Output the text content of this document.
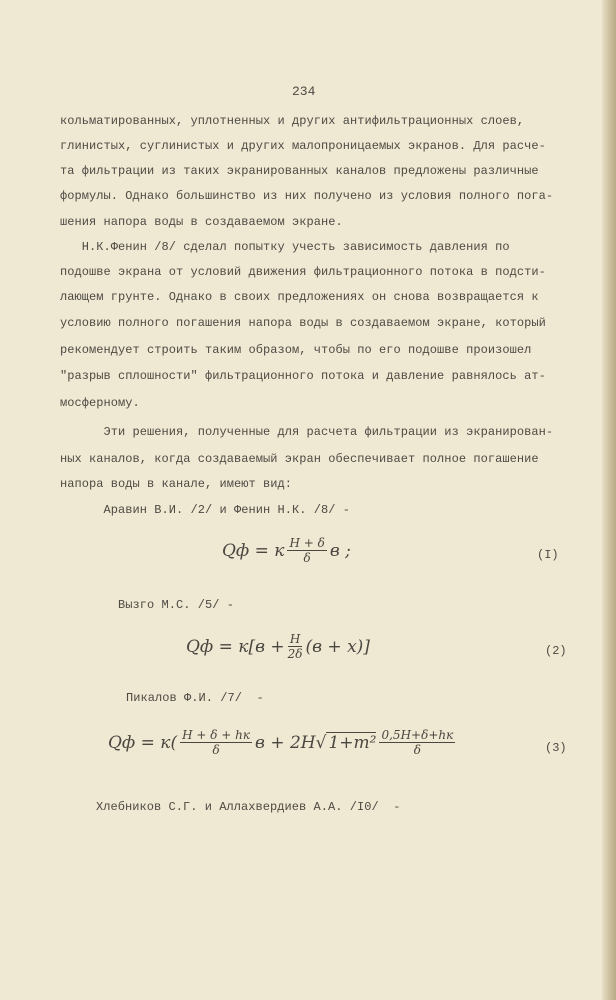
234
кольматированных, уплотненных и других антифильтрационных слоев,
глинистых, суглинистых и других малопроницаемых экранов. Для расче-
та фильтрации из таких экранированных каналов предложены различные
формулы. Однако большинство из них получено из условия полного пога-
шения напора воды в создаваемом экране.
Н.К.Фенин /8/ сделал попытку учесть зависимость давления по
подошве экрана от условий движения фильтрационного потока в подсти-
лающем грунте. Однако в своих предложениях он снова возвращается к
условию полного погашения напора воды в создаваемом экране, который
рекомендует строить таким образом, чтобы по его подошве произошел
"разрыв сплошности" фильтрационного потока и давление равнялось ат-
мосферному.
Эти решения, полученные для расчета фильтрации из экранирован-
ных каналов, когда создаваемый экран обеспечивает полное погашение
напора воды в канале, имеют вид:
Аравин В.И. /2/ и Фенин Н.К. /8/ -
Qф = к $\frac{H + \delta}{\delta}$ в ;	(I)
Вызго М.С. /5/ -
Qф = $к[в + \frac{H}{2\delta} (в + x)]$	(2)
Пикалов Ф.И. /7/  -
Qф = $к( \frac{H + \delta + hк}{\delta}$ в + 2H √ $1+m^2 \frac{0,5H+\delta+hк}{\delta}$	(3)
Хлебников С.Г. и Аллахвердиев А.А. /I0/  -
